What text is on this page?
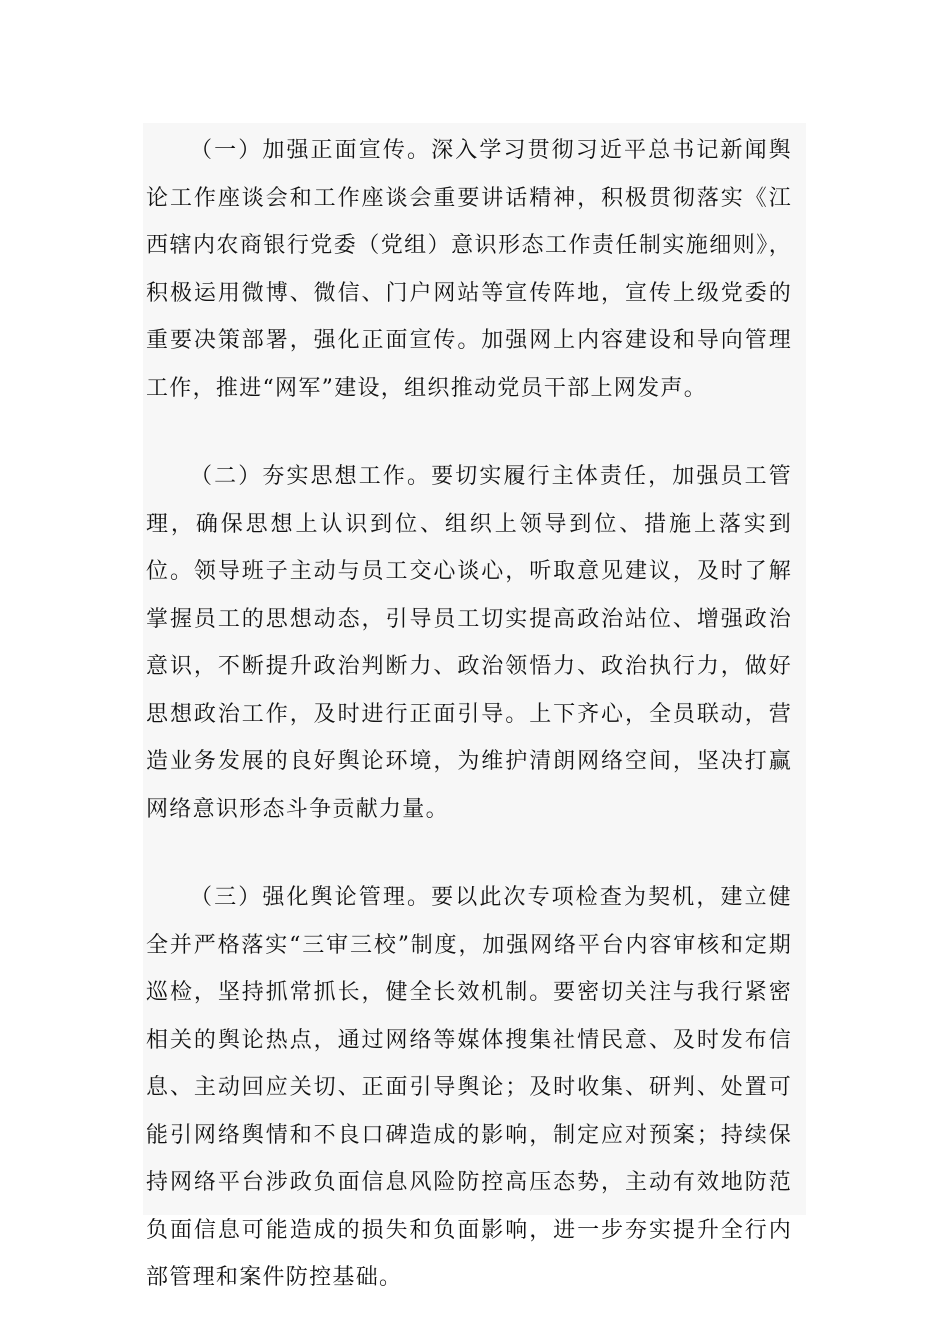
（一）加强正面宣传。深入学习贯彻习近平总书记新闻舆论工作座谈会和工作座谈会重要讲话精神，积极贯彻落实《江西辖内农商银行党委（党组）意识形态工作责任制实施细则》，积极运用微博、微信、门户网站等宣传阵地，宣传上级党委的重要决策部署，强化正面宣传。加强网上内容建设和导向管理工作，推进“网军”建设，组织推动党员干部上网发声。

（二）夯实思想工作。要切实履行主体责任，加强员工管理，确保思想上认识到位、组织上领导到位、措施上落实到位。领导班子主动与员工交心谈心，听取意见建议，及时了解掌握员工的思想动态，引导员工切实提高政治站位、增强政治意识，不断提升政治判断力、政治领悟力、政治执行力，做好思想政治工作，及时进行正面引导。上下齐心，全员联动，营造业务发展的良好舆论环境，为维护清朗网络空间，坚决打赢网络意识形态斗争贡献力量。

（三）强化舆论管理。要以此次专项检查为契机，建立健全并严格落实“三审三校”制度，加强网络平台内容审核和定期巡检，坚持抓常抓长，健全长效机制。要密切关注与我行紧密相关的舆论热点，通过网络等媒体搜集社情民意、及时发布信息、主动回应关切、正面引导舆论；及时收集、研判、处置可能引网络舆情和不良口碑造成的影响，制定应对预案；持续保持网络平台涉政负面信息风险防控高压态势，主动有效地防范负面信息可能造成的损失和负面影响，进一步夯实提升全行内部管理和案件防控基础。
